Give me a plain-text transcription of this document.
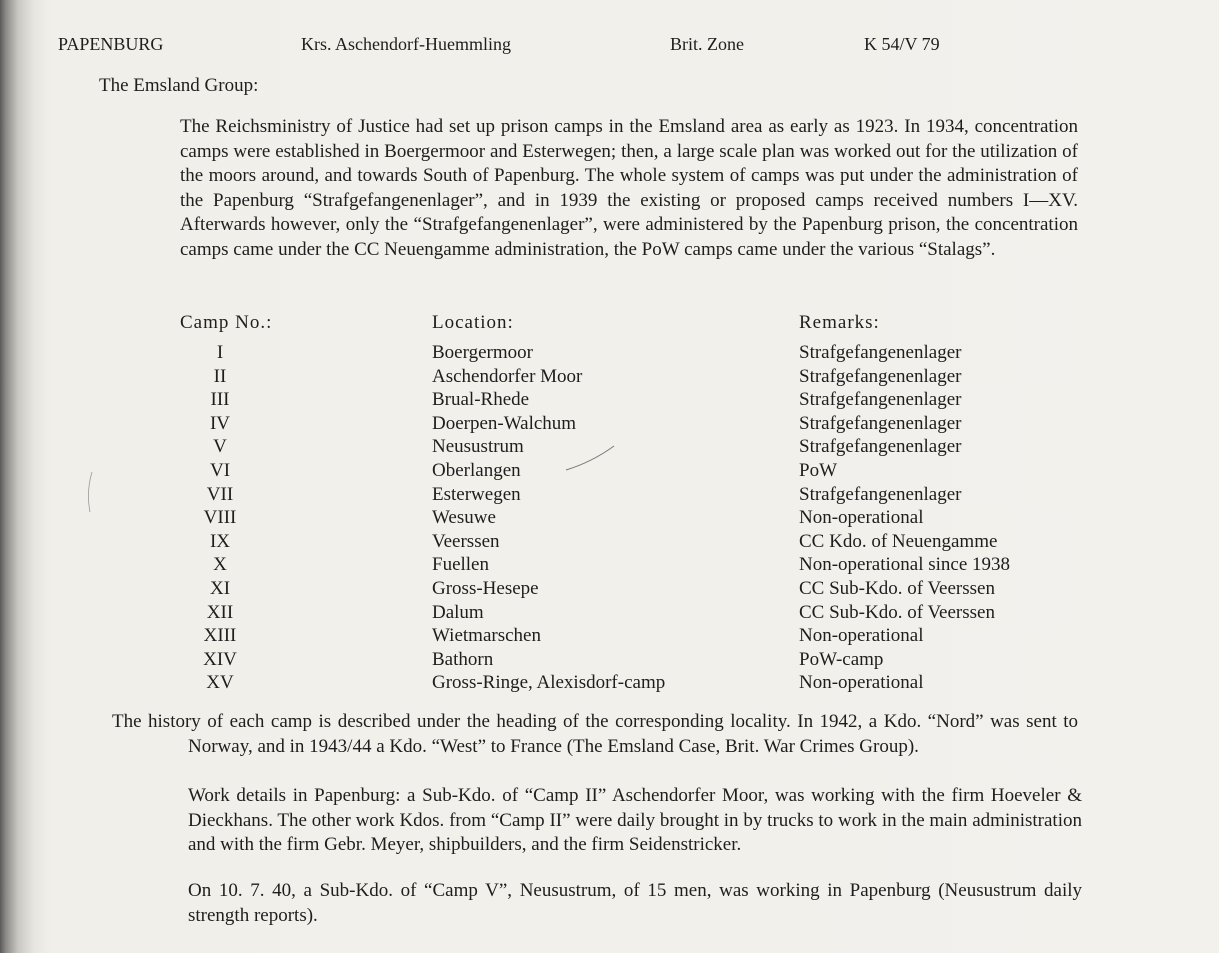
PAPENBURG	Krs. Aschendorf-Huemmling	Brit. Zone	K 54/V 79
The Emsland Group:

The Reichsministry of Justice had set up prison camps in the Emsland area as early as 1923. In 1934, concentration camps were established in Boergermoor and Esterwegen; then, a large scale plan was worked out for the utilization of the moors around, and towards South of Papenburg. The whole system of camps was put under the administration of the Papenburg “Strafgefangenenlager”, and in 1939 the existing or proposed camps received numbers I—XV. Afterwards however, only the “Strafgefangenenlager”, were administered by the Papenburg prison, the concentration camps came under the CC Neuengamme administration, the PoW camps came under the various “Stalags”.

Camp No.:	Location:	Remarks:
I	Boergermoor	Strafgefangenenlager
II	Aschendorfer Moor	Strafgefangenenlager
III	Brual-Rhede	Strafgefangenenlager
IV	Doerpen-Walchum	Strafgefangenenlager
V	Neusustrum	Strafgefangenenlager
VI	Oberlangen	PoW
VII	Esterwegen	Strafgefangenenlager
VIII	Wesuwe	Non-operational
IX	Veerssen	CC Kdo. of Neuengamme
X	Fuellen	Non-operational since 1938
XI	Gross-Hesepe	CC Sub-Kdo. of Veerssen
XII	Dalum	CC Sub-Kdo. of Veerssen
XIII	Wietmarschen	Non-operational
XIV	Bathorn	PoW-camp
XV	Gross-Ringe, Alexisdorf-camp	Non-operational

The history of each camp is described under the heading of the corresponding locality. In 1942, a Kdo. “Nord” was sent to Norway, and in 1943/44 a Kdo. “West” to France (The Emsland Case, Brit. War Crimes Group).

Work details in Papenburg: a Sub-Kdo. of “Camp II” Aschendorfer Moor, was working with the firm Hoeveler & Dieckhans. The other work Kdos. from “Camp II” were daily brought in by trucks to work in the main administration and with the firm Gebr. Meyer, shipbuilders, and the firm Seidenstricker.

On 10. 7. 40, a Sub-Kdo. of “Camp V”, Neusustrum, of 15 men, was working in Papenburg (Neusustrum daily strength reports).
